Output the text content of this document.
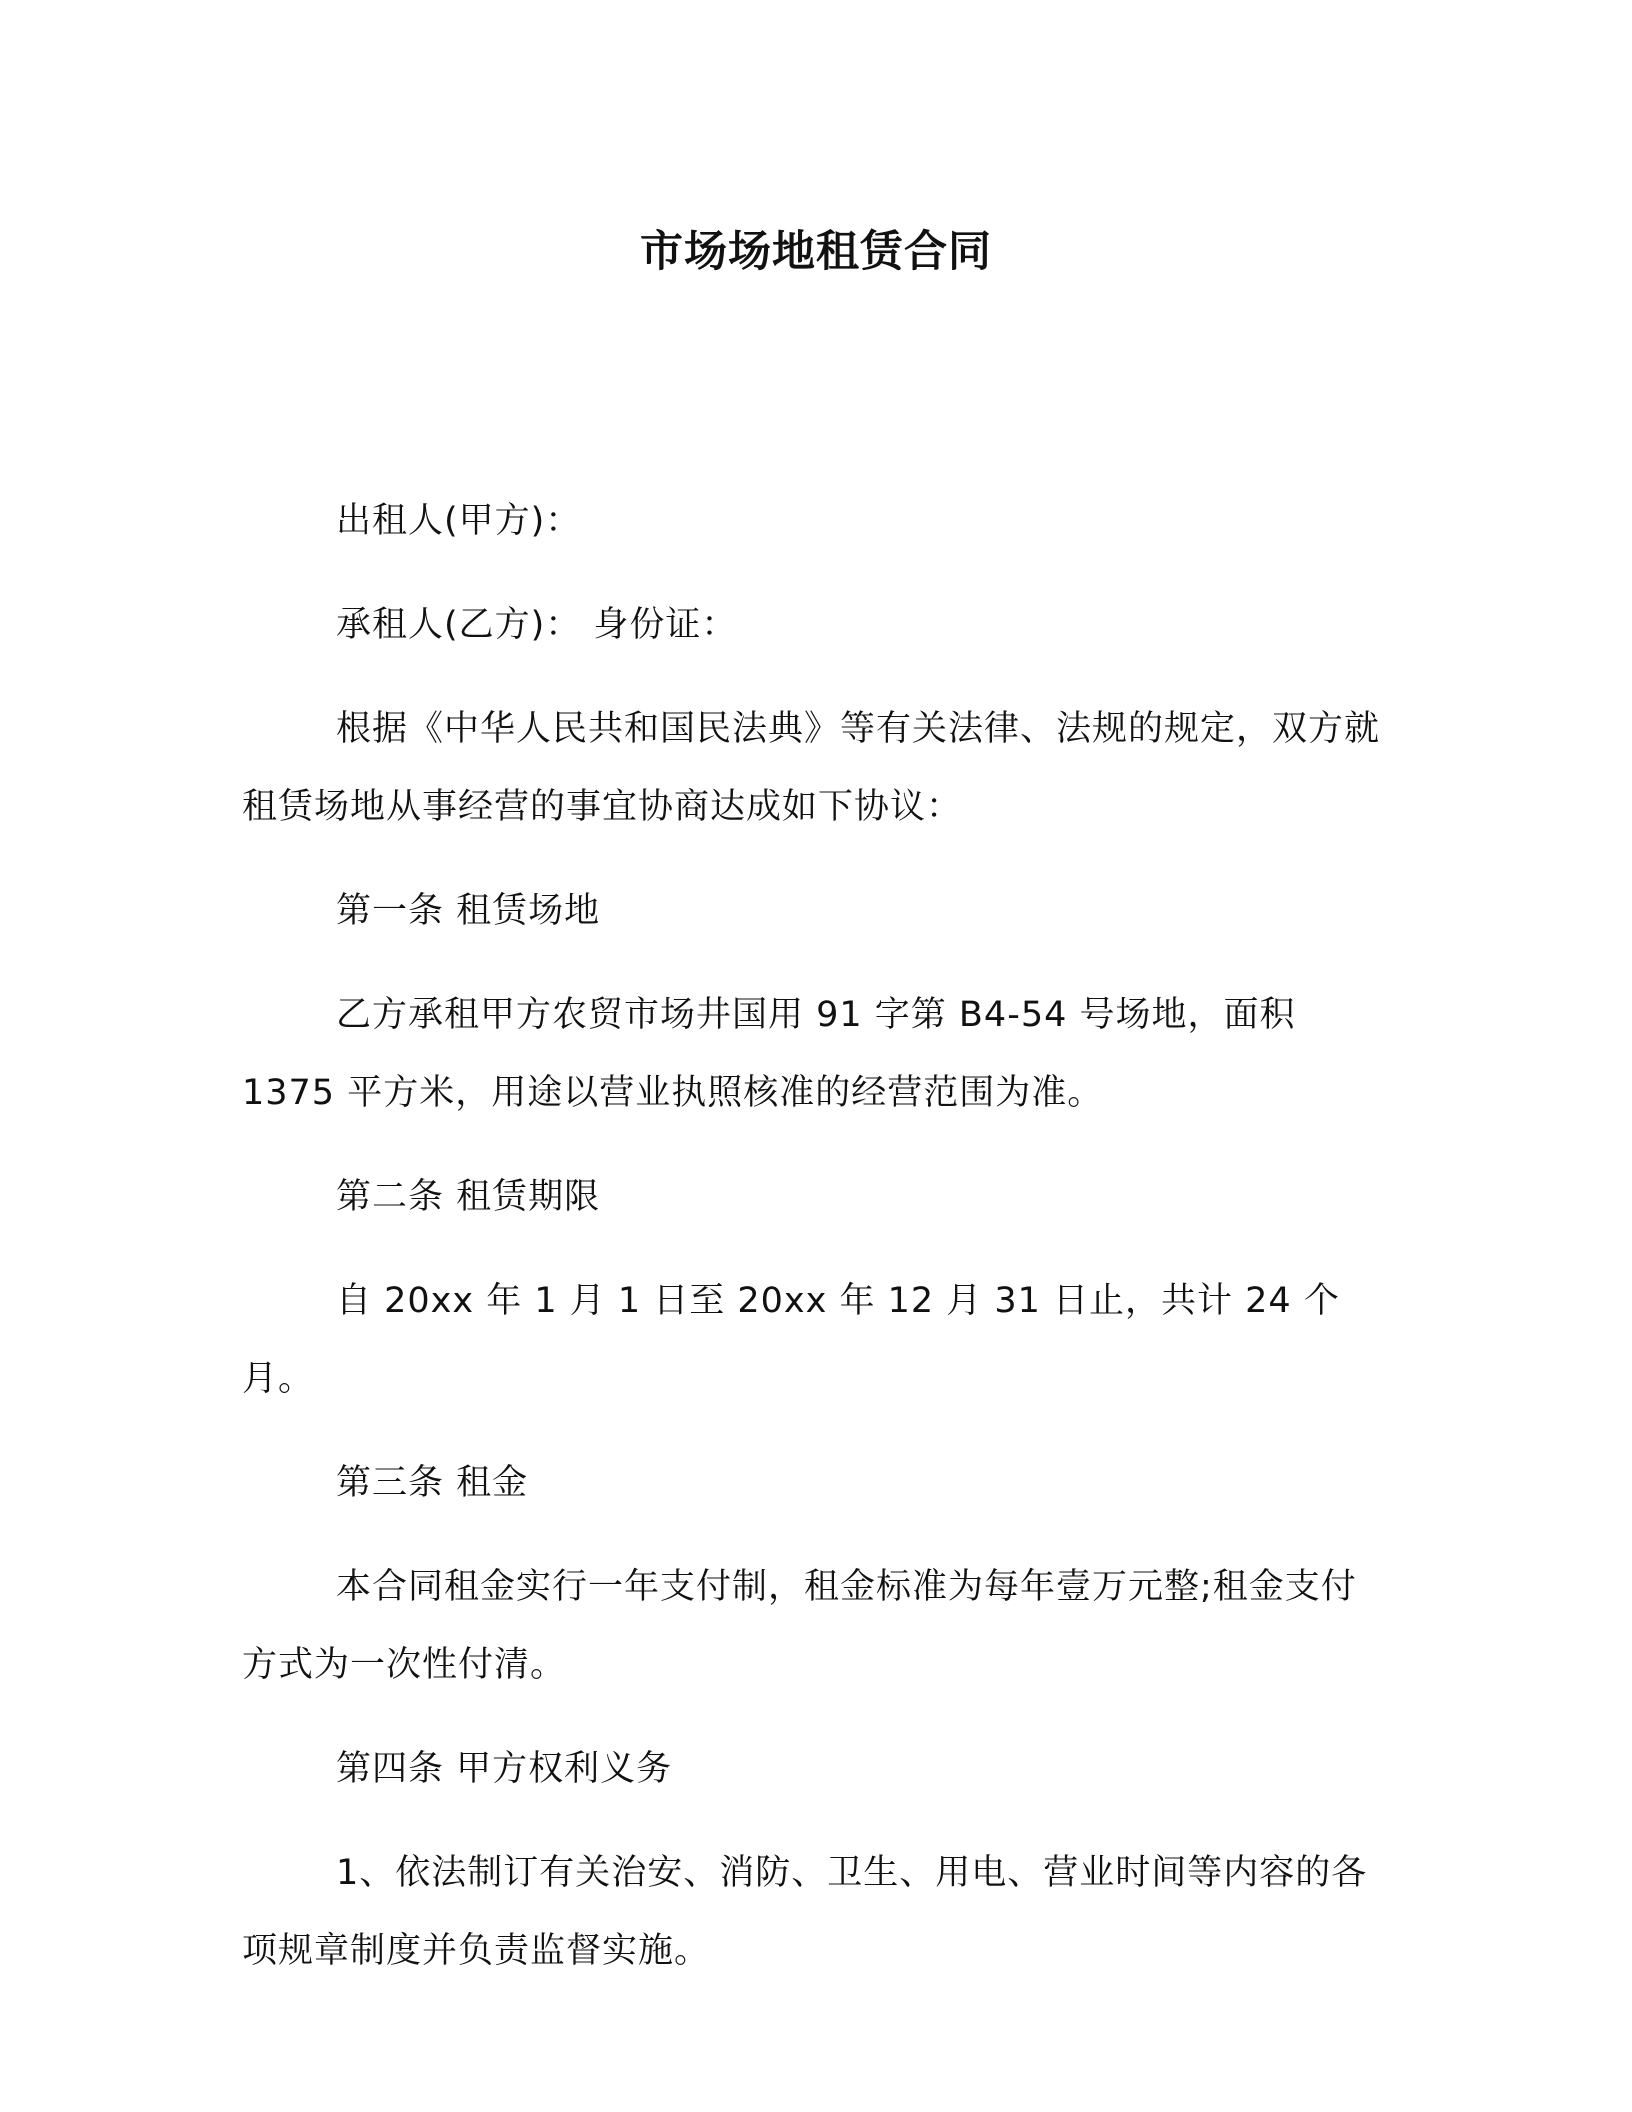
市场场地租赁合同

出租人(甲方)：

承租人(乙方)： 身份证：

根据《中华人民共和国民法典》等有关法律、法规的规定，双方就租赁场地从事经营的事宜协商达成如下协议：

第一条 租赁场地

乙方承租甲方农贸市场井国用 91 字第 B4-54 号场地，面积 1375 平方米，用途以营业执照核准的经营范围为准。

第二条 租赁期限

自 20xx 年 1 月 1 日至 20xx 年 12 月 31 日止，共计 24 个月。

第三条 租金

本合同租金实行一年支付制，租金标准为每年壹万元整;租金支付方式为一次性付清。

第四条 甲方权利义务

1、依法制订有关治安、消防、卫生、用电、营业时间等内容的各项规章制度并负责监督实施。
